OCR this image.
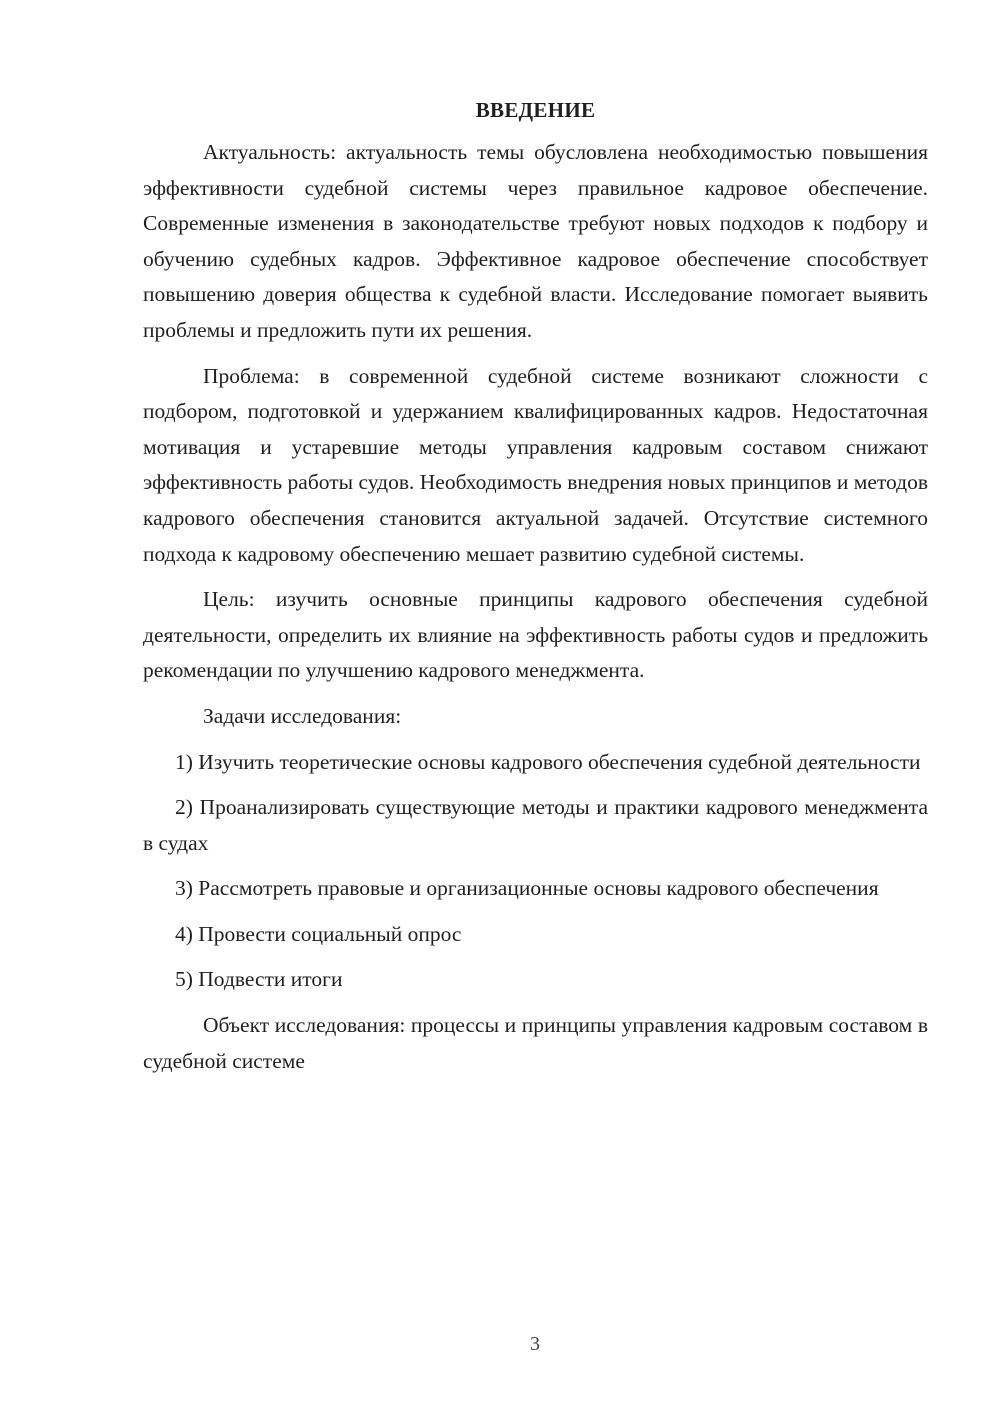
ВВЕДЕНИЕ

Актуальность: актуальность темы обусловлена необходимостью повышения эффективности судебной системы через правильное кадровое обеспечение. Современные изменения в законодательстве требуют новых подходов к подбору и обучению судебных кадров. Эффективное кадровое обеспечение способствует повышению доверия общества к судебной власти. Исследование помогает выявить проблемы и предложить пути их решения.

Проблема: в современной судебной системе возникают сложности с подбором, подготовкой и удержанием квалифицированных кадров. Недостаточная мотивация и устаревшие методы управления кадровым составом снижают эффективность работы судов. Необходимость внедрения новых принципов и методов кадрового обеспечения становится актуальной задачей. Отсутствие системного подхода к кадровому обеспечению мешает развитию судебной системы.

Цель: изучить основные принципы кадрового обеспечения судебной деятельности, определить их влияние на эффективность работы судов и предложить рекомендации по улучшению кадрового менеджмента.

Задачи исследования:

1) Изучить теоретические основы кадрового обеспечения судебной деятельности

2) Проанализировать существующие методы и практики кадрового менеджмента в судах

3) Рассмотреть правовые и организационные основы кадрового обеспечения

4) Провести социальный опрос

5) Подвести итоги

Объект исследования: процессы и принципы управления кадровым составом в судебной системе

3
